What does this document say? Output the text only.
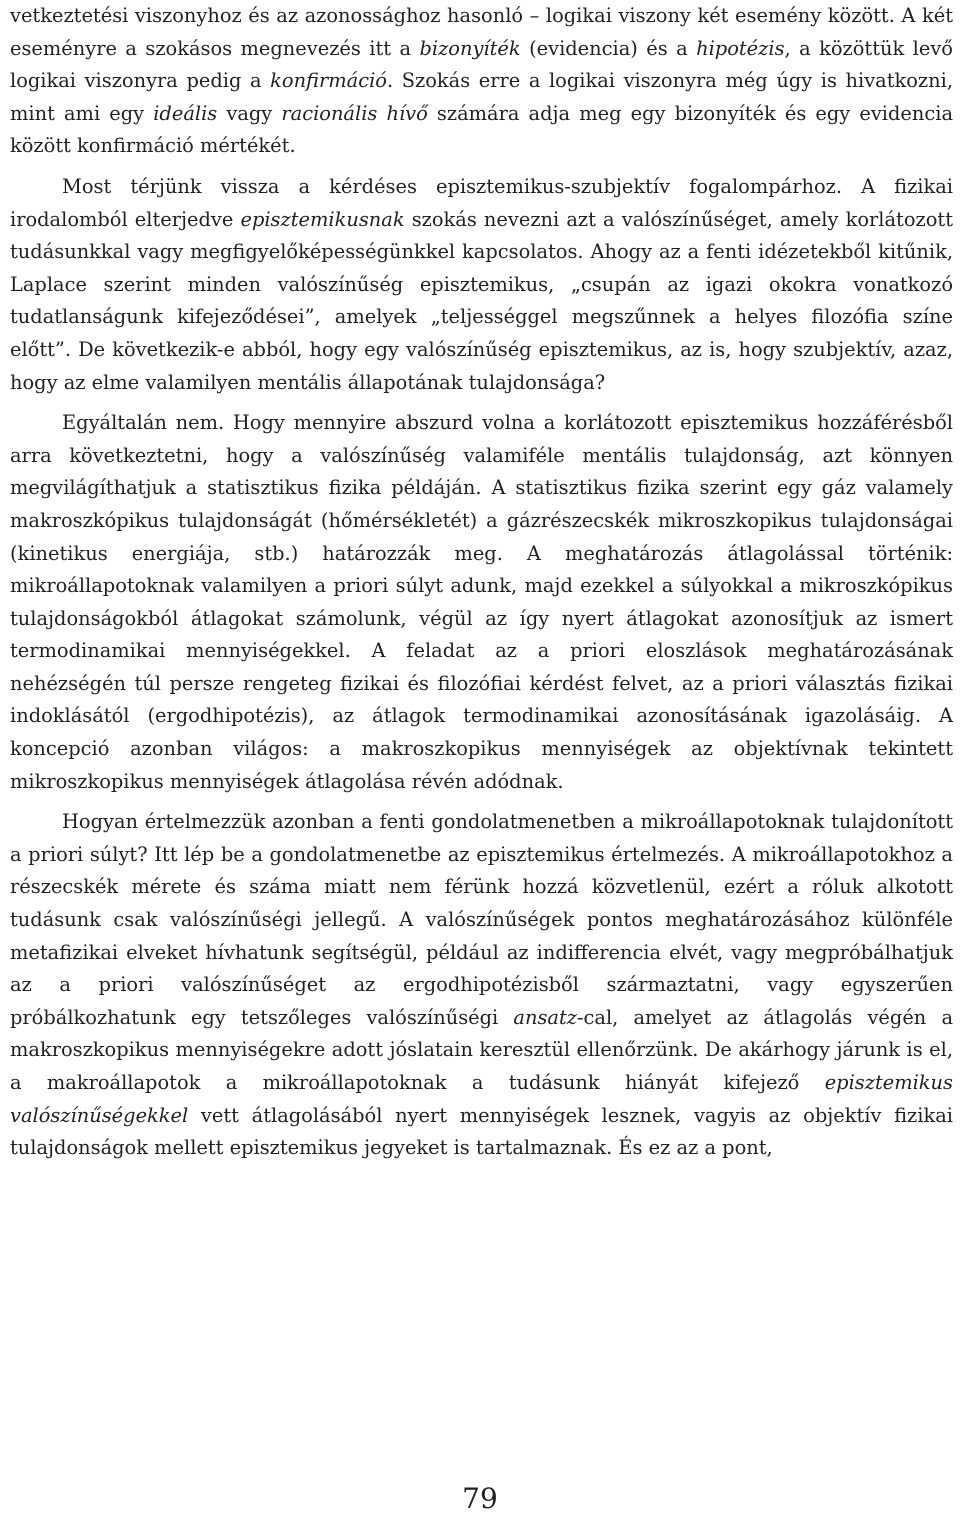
vetkeztetési viszonyhoz és az azonossághoz hasonló – logikai viszony két esemény között. A két eseményre a szokásos megnevezés itt a bizonyíték (evidencia) és a hipotézis, a közöttük levő logikai viszonyra pedig a konfirmáció. Szokás erre a logikai viszonyra még úgy is hivatkozni, mint ami egy ideális vagy racionális hívő számára adja meg egy bizonyíték és egy evidencia között konfirmáció mértékét.

Most térjünk vissza a kérdéses episztemikus-szubjektív fogalompárhoz. A fizikai irodalomból elterjedve episztemikusnak szokás nevezni azt a valószínűséget, amely korlátozott tudásunkkal vagy megfigyelőképességünkkel kapcsolatos. Ahogy az a fenti idézetekből kitűnik, Laplace szerint minden valószínűség episztemikus, „csupán az igazi okokra vonatkozó tudatlanságunk kifejeződései”, amelyek „teljességgel megszűnnek a helyes filozófia színe előtt”. De következik-e abból, hogy egy valószínűség episztemikus, az is, hogy szubjektív, azaz, hogy az elme valamilyen mentális állapotának tulajdonsága?

Egyáltalán nem. Hogy mennyire abszurd volna a korlátozott episztemikus hozzáférésből arra következtetni, hogy a valószínűség valamiféle mentális tulajdonság, azt könnyen megvilágíthatjuk a statisztikus fizika példáján. A statisztikus fizika szerint egy gáz valamely makroszkópikus tulajdonságát (hőmérsékletét) a gázrészecskék mikroszkopikus tulajdonságai (kinetikus energiája, stb.) határozzák meg. A meghatározás átlagolással történik: mikroállapotoknak valamilyen a priori súlyt adunk, majd ezekkel a súlyokkal a mikroszkópikus tulajdonságokból átlagokat számolunk, végül az így nyert átlagokat azonosítjuk az ismert termodinamikai mennyiségekkel. A feladat az a priori eloszlások meghatározásának nehézségén túl persze rengeteg fizikai és filozófiai kérdést felvet, az a priori választás fizikai indoklásától (ergodhipotézis), az átlagok termodinamikai azonosításának igazolásáig. A koncepció azonban világos: a makroszkopikus mennyiségek az objektívnak tekintett mikroszkopikus mennyiségek átlagolása révén adódnak.

Hogyan értelmezzük azonban a fenti gondolatmenetben a mikroállapotoknak tulajdonított a priori súlyt? Itt lép be a gondolatmenetbe az episztemikus értelmezés. A mikroállapotokhoz a részecskék mérete és száma miatt nem férünk hozzá közvetlenül, ezért a róluk alkotott tudásunk csak valószínűségi jellegű. A valószínűségek pontos meghatározásához különféle metafizikai elveket hívhatunk segítségül, például az indifferencia elvét, vagy megpróbálhatjuk az a priori valószínűséget az ergodhipotézisből származtatni, vagy egyszerűen próbálkozhatunk egy tetszőleges valószínűségi ansatz-cal, amelyet az átlagolás végén a makroszkopikus mennyiségekre adott jóslatain keresztül ellenőrzünk. De akárhogy járunk is el, a makroállapotok a mikroállapotoknak a tudásunk hiányát kifejező episztemikus valószínűségekkel vett átlagolásából nyert mennyiségek lesznek, vagyis az objektív fizikai tulajdonságok mellett episztemikus jegyeket is tartalmaznak. És ez az a pont,

79
